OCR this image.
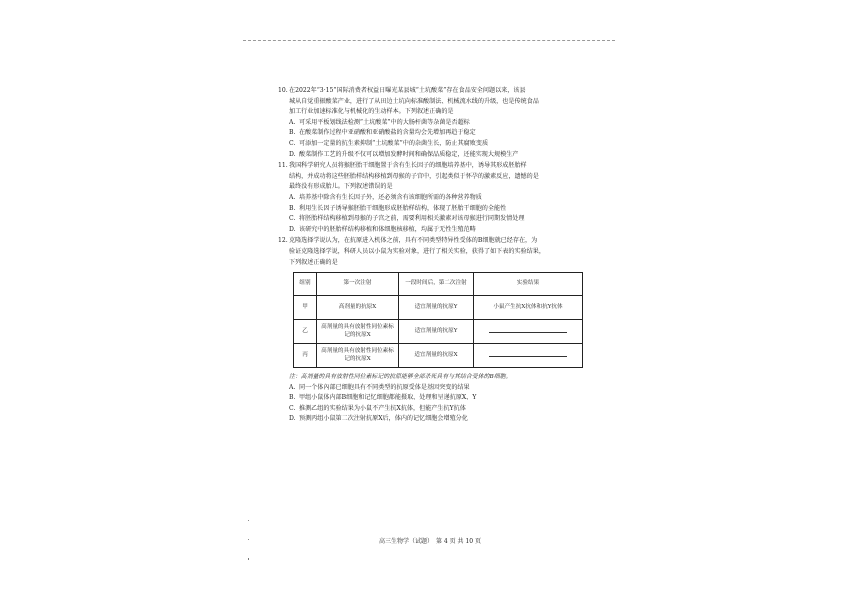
10.在2022年“3·15”国际消费者权益日曝光某县城“土坑酸菜”存在食品安全问题以来，该县
城从自觉重振酸菜产业，进行了从田边土坑向标准酸制法、机械流水线的升级，也是传统食品
加工行业加速标准化与机械化的生动样本。下列叙述正确的是
A. 可采用平板划线法检测“土坑酸菜”中的大肠杆菌等杂菌是否超标
B. 在酸菜制作过程中亚硝酸和亚硝酸盐的含量均会先增加再趋于稳定
C. 可添加一定量的抗生素抑制“土坑酸菜”中的杂菌生长，防止其腐败变质
D. 酸菜制作工艺的升级不仅可以增加发酵时间和确保品质稳定，还能实现大规模生产
11.我国科学研究人员将猴胚胎干细胞置于含有生长因子的细胞培养基中，诱导其形成胚胎样
结构，并成功将这些胚胎样结构移植到母猴的子宫中，引起类似于怀孕的激素反应，遗憾的是
最终没有形成胎儿。下列叙述错误的是
A. 培养基中除含有生长因子外，还必须含有该细胞所需的各种营养物质
B. 利用生长因子诱导猴胚胎干细胞形成胚胎样结构，体现了胚胎干细胞的全能性
C. 将胚胎样结构移植到母猴的子宫之前，需要利用相关激素对该母猴进行同期发情处理
D. 该研究中的胚胎样结构移植和体细胞核移植，均属于无性生殖范畴
12.克隆选择学说认为，在抗原进入机体之前，具有不同类型特异性受体的B细胞就已经存在，为
验证克隆选择学说，科研人员以小鼠为实验对象，进行了相关实验，获得了如下表的实验结果，
下列叙述正确的是
组别	第一次注射	一段时间后，第二次注射	实验结果
甲	高剂量的抗原X	适宜剂量的抗原Y	小鼠产生抗X抗体和抗Y抗体
乙	高剂量的具有放射性同位素标记的抗原X	适宜剂量的抗原Y	
丙	高剂量的具有放射性同位素标记的抗原X	适宜剂量的抗原X	
注：高剂量的具有放射性同位素标记的抗原能够全部杀死具有与其结合受体的B细胞。
A. 同一个体內部已细胞具有不同类型的抗原受体是基因突变的结果
B. 甲组小鼠体内部B细胞和记忆细胞都能摄取、处理和呈递抗原X、Y
C. 推测乙组的实验结果为小鼠不产生抗X抗体，但能产生抗Y抗体
D. 预测丙组小鼠第二次注射抗原X后，体内的记忆细胞会增殖分化
高三生物学（试题）　第 4 页 共 10 页
